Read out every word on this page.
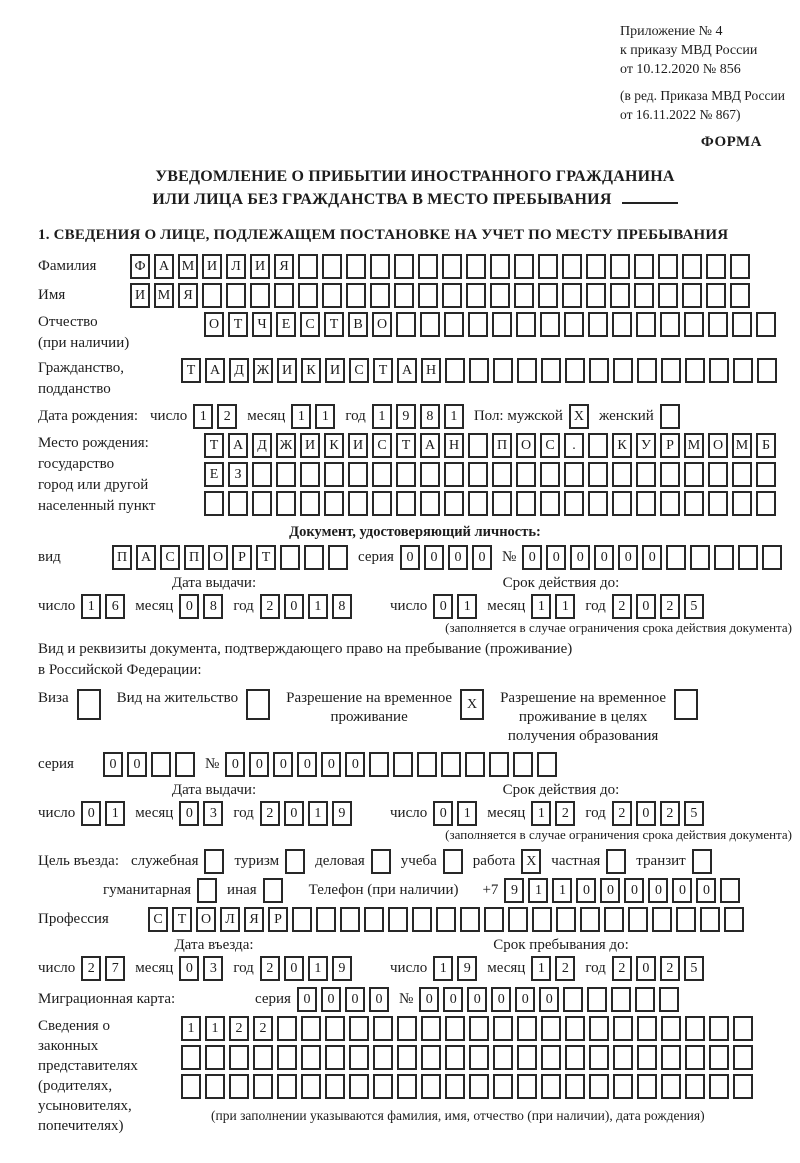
Приложение № 4
к приказу МВД России
от 10.12.2020 № 856
(в ред. Приказа МВД России
от 16.11.2022 № 867)
ФОРМА
УВЕДОМЛЕНИЕ О ПРИБЫТИИ ИНОСТРАННОГО ГРАЖДАНИНА
ИЛИ ЛИЦА БЕЗ ГРАЖДАНСТВА В МЕСТО ПРЕБЫВАНИЯ
1. СВЕДЕНИЯ О ЛИЦЕ, ПОДЛЕЖАЩЕМ ПОСТАНОВКЕ НА УЧЕТ ПО МЕСТУ ПРЕБЫВАНИЯ
Фамилия	Ф А М И	Л	И	Я
Имя	И М Я
Отчество
(при наличии)
О	Т	Ч	Е	С	Т	В	О
Гражданство,
подданство
Т	А	Д Ж И	К	И	С	Т	А Н
Дата рождения: число 1	2	месяц 1	1	год 1	9	8	1	Пол: мужской X женский
Место рождения:
государство
город или другой
населенный пункт
Т	А	Д Ж И	К	И	С	Т	А Н	П О	С	.	К	У	Р М О М Б
Е	З
Документ, удостоверяющий личность:
вид	П А	С	П О	Р	Т	серия 0	0	0	0	№ 0	0	0	0	0	0
Дата выдачи:
число 1	6	месяц 0	8	год 2	0	1	8
Срок действия до:
число 0	1	месяц 1	1	год 2	0	2	5
(заполняется в случае ограничения срока действия документа)
Вид и реквизиты документа, подтверждающего право на пребывание (проживание)
в Российской Федерации:
Виза	Вид на жительство	Разрешение на временное
проживание
X	Разрешение на временное
проживание в целях
получения образования
серия	0	0	№ 0	0	0	0	0	0
Дата выдачи:
число 0	1	месяц 0	3	год 2	0	1	9
Срок действия до:
число 0	1	месяц 1	2	год 2	0	2	5
(заполняется в случае ограничения срока действия документа)
Цель въезда: служебная туризм деловая учеба работа X частная транзит
гуманитарная иная	Телефон (при наличии) +7 9	1	1	0	0	0	0	0	0
Профессия	С	Т	О	Л	Я	Р
Дата въезда:
число 2	7	месяц 0	3	год 2	0	1	9
Срок пребывания до:
число 1	9	месяц 1	2	год 2	0	2	5
Миграционная карта:	серия 0	0	0	0	№ 0	0	0	0	0	0
Сведения о
законных
представителях
(родителях,
усыновителях,
попечителях)
1	1	2	2
(при заполнении указываются фамилия, имя, отчество (при наличии), дата рождения)
